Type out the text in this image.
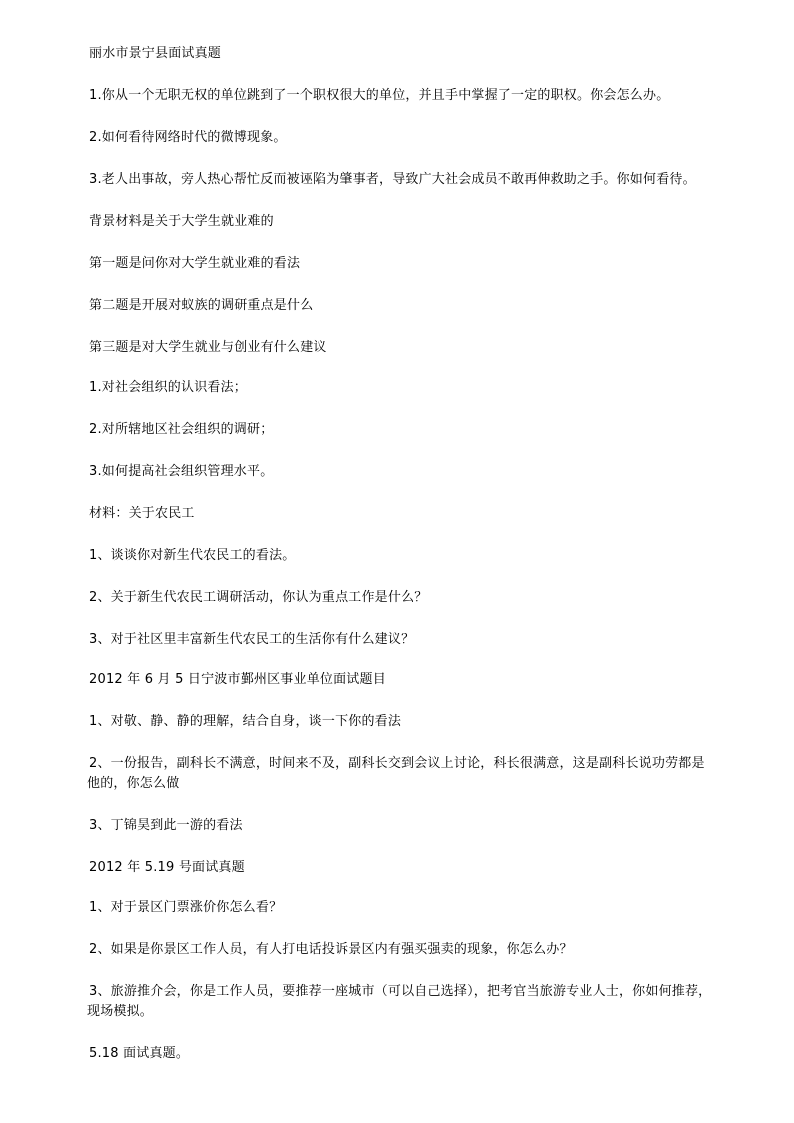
丽水市景宁县面试真题
1.你从一个无职无权的单位跳到了一个职权很大的单位，并且手中掌握了一定的职权。你会怎么办。
2.如何看待网络时代的微博现象。
3.老人出事故，旁人热心帮忙反而被诬陷为肇事者，导致广大社会成员不敢再伸救助之手。你如何看待。
背景材料是关于大学生就业难的
第一题是问你对大学生就业难的看法
第二题是开展对蚁族的调研重点是什么
第三题是对大学生就业与创业有什么建议
1.对社会组织的认识看法；
2.对所辖地区社会组织的调研；
3.如何提高社会组织管理水平。
材料：关于农民工
1、谈谈你对新生代农民工的看法。
2、关于新生代农民工调研活动，你认为重点工作是什么？
3、对于社区里丰富新生代农民工的生活你有什么建议？
2012 年 6 月 5 日宁波市鄞州区事业单位面试题目
1、对敬、静、静的理解，结合自身，谈一下你的看法
2、一份报告，副科长不满意，时间来不及，副科长交到会议上讨论，科长很满意，这是副科长说功劳都是
他的，你怎么做
3、丁锦昊到此一游的看法
2012 年 5.19 号面试真题
1、对于景区门票涨价你怎么看？
2、如果是你景区工作人员，有人打电话投诉景区内有强买强卖的现象，你怎么办？
3、旅游推介会，你是工作人员，要推荐一座城市（可以自己选择），把考官当旅游专业人士，你如何推荐，
现场模拟。
5.18 面试真题。
